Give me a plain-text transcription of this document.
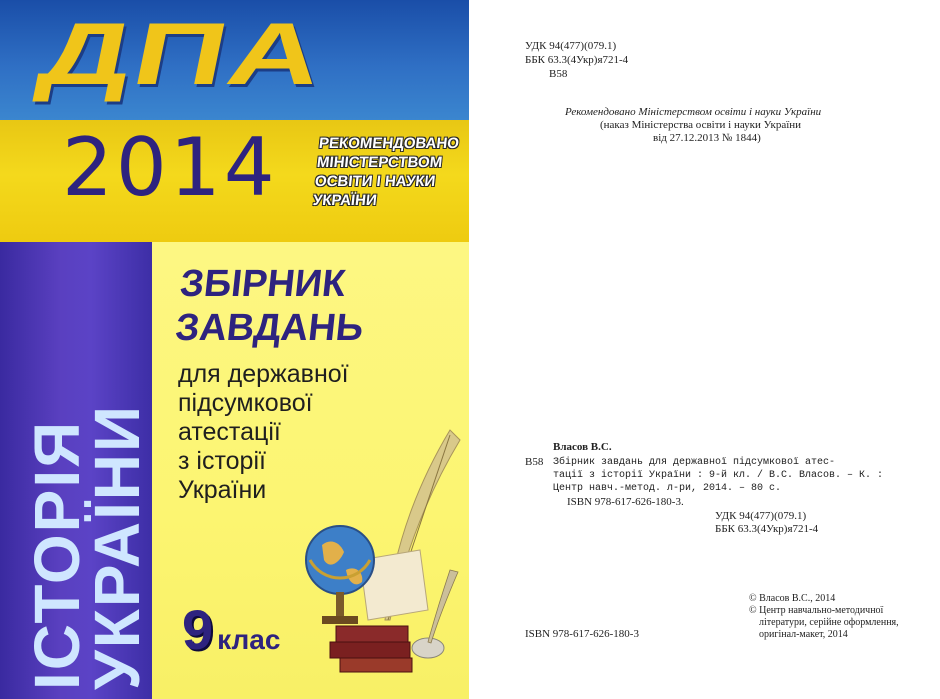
ДПА
2014	РЕКОМЕНДОВАНО
МІНІСТЕРСТВОМ
ОСВІТИ І НАУКИ
УКРАЇНИ
ІСТОРІЯ
УКРАЇНИ
ЗБІРНИК
ЗАВДАНЬ
для державної
підсумкової
атестації
з історії
України
9 клас
УДК 94(477)(079.1)
ББК 63.3(4Укр)я721-4
В58
Рекомендовано Міністерством освіти і науки України
(наказ Міністерства освіти і науки України
від 27.12.2013 № 1844)
Власов В.С.
В58 Збірник завдань для державної підсумкової атес-
тації з історії України : 9-й кл. / В.С. Власов. – К. :
Центр навч.-метод. л-ри, 2014. – 80 с.
ISBN 978-617-626-180-3.
УДК 94(477)(079.1)
ББК 63.3(4Укр)я721-4
© Власов В.С., 2014
© Центр навчально-методичної
літератури, серійне оформлення,
оригінал-макет, 2014
ISBN 978-617-626-180-3
